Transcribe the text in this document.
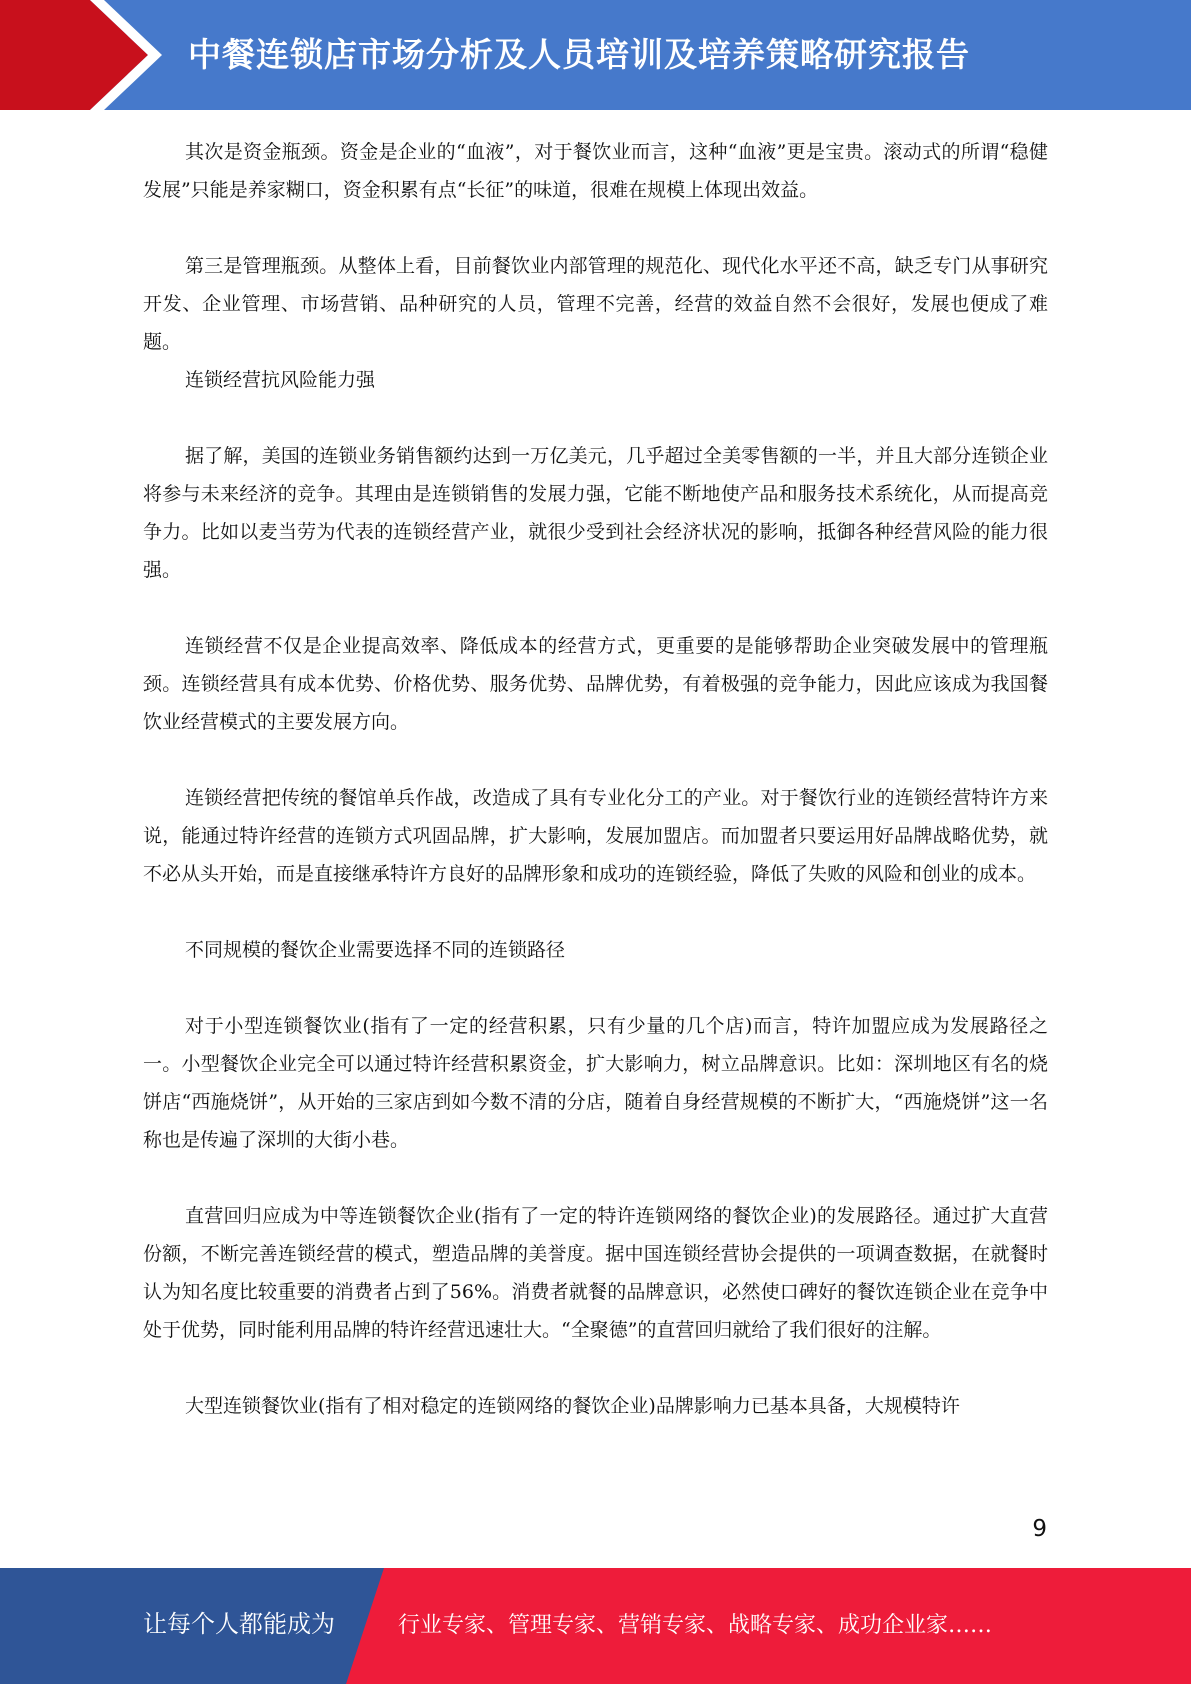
中餐连锁店市场分析及人员培训及培养策略研究报告

其次是资金瓶颈。资金是企业的“血液”，对于餐饮业而言，这种“血液”更是宝贵。滚动式的所谓“稳健发展”只能是养家糊口，资金积累有点“长征”的味道，很难在规模上体现出效益。

第三是管理瓶颈。从整体上看，目前餐饮业内部管理的规范化、现代化水平还不高，缺乏专门从事研究开发、企业管理、市场营销、品种研究的人员，管理不完善，经营的效益自然不会很好，发展也便成了难题。

连锁经营抗风险能力强

据了解，美国的连锁业务销售额约达到一万亿美元，几乎超过全美零售额的一半，并且大部分连锁企业将参与未来经济的竞争。其理由是连锁销售的发展力强，它能不断地使产品和服务技术系统化，从而提高竞争力。比如以麦当劳为代表的连锁经营产业，就很少受到社会经济状况的影响，抵御各种经营风险的能力很强。

连锁经营不仅是企业提高效率、降低成本的经营方式，更重要的是能够帮助企业突破发展中的管理瓶颈。连锁经营具有成本优势、价格优势、服务优势、品牌优势，有着极强的竞争能力，因此应该成为我国餐饮业经营模式的主要发展方向。

连锁经营把传统的餐馆单兵作战，改造成了具有专业化分工的产业。对于餐饮行业的连锁经营特许方来说，能通过特许经营的连锁方式巩固品牌，扩大影响，发展加盟店。而加盟者只要运用好品牌战略优势，就不必从头开始，而是直接继承特许方良好的品牌形象和成功的连锁经验，降低了失败的风险和创业的成本。

不同规模的餐饮企业需要选择不同的连锁路径

对于小型连锁餐饮业(指有了一定的经营积累，只有少量的几个店)而言，特许加盟应成为发展路径之一。小型餐饮企业完全可以通过特许经营积累资金，扩大影响力，树立品牌意识。比如：深圳地区有名的烧饼店“西施烧饼”，从开始的三家店到如今数不清的分店，随着自身经营规模的不断扩大，“西施烧饼”这一名称也是传遍了深圳的大街小巷。

直营回归应成为中等连锁餐饮企业(指有了一定的特许连锁网络的餐饮企业)的发展路径。通过扩大直营份额，不断完善连锁经营的模式，塑造品牌的美誉度。据中国连锁经营协会提供的一项调查数据，在就餐时认为知名度比较重要的消费者占到了56%。消费者就餐的品牌意识，必然使口碑好的餐饮连锁企业在竞争中处于优势，同时能利用品牌的特许经营迅速壮大。“全聚德”的直营回归就给了我们很好的注解。

大型连锁餐饮业(指有了相对稳定的连锁网络的餐饮企业)品牌影响力已基本具备，大规模特许

9
让每个人都能成为	行业专家、管理专家、营销专家、战略专家、成功企业家……
